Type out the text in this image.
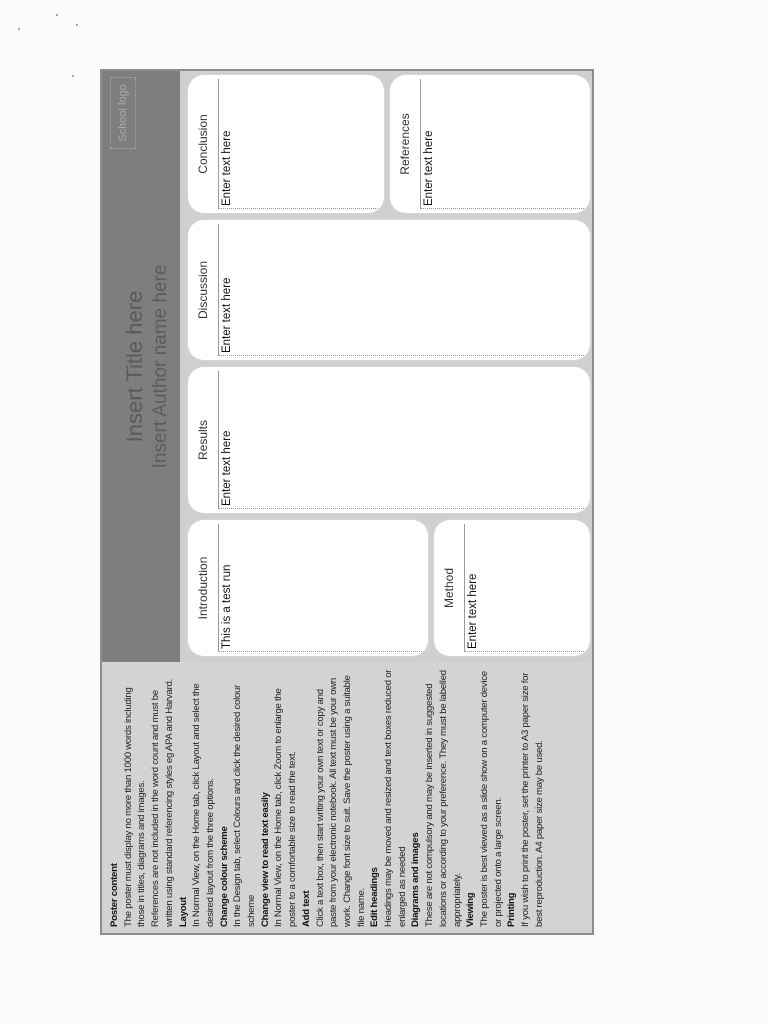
Poster content The poster must display no more than 1000 words including those in titles, diagrams and images. References are not included in the word count and must be written using standard referencing styles eg APA and Harvard. Layout In Normal View, on the Home tab, click Layout and select the desired layout from the three options. Change colour scheme In the Design tab, select Colours and click the desired colour scheme Change view to read text easily In Normal View, on the Home tab, click Zoom to enlarge the poster to a comfortable size to read the text. Add text Click a text box, then start writing your own text or copy and paste from your electronic notebook. All text must be your own work. Change font size to suit. Save the poster using a suitable file name. Edit headings Headings may be moved and resized and text boxes reduced or enlarged as needed Diagrams and images These are not compulsory and may be inserted in suggested locations or according to your preference. They must be labelled appropriately. Viewing The poster is best viewed as a slide show on a computer device or projected onto a large screen. Printing If you wish to print the poster, set the printer to A3 paper size for best reproduction. A4 paper size may be used.

Insert Title here Insert Author name here
School logo
Introduction This is a test run	Method Enter text here
Results Enter text here
Discussion Enter text here
Conclusion Enter text here	References Enter text here
